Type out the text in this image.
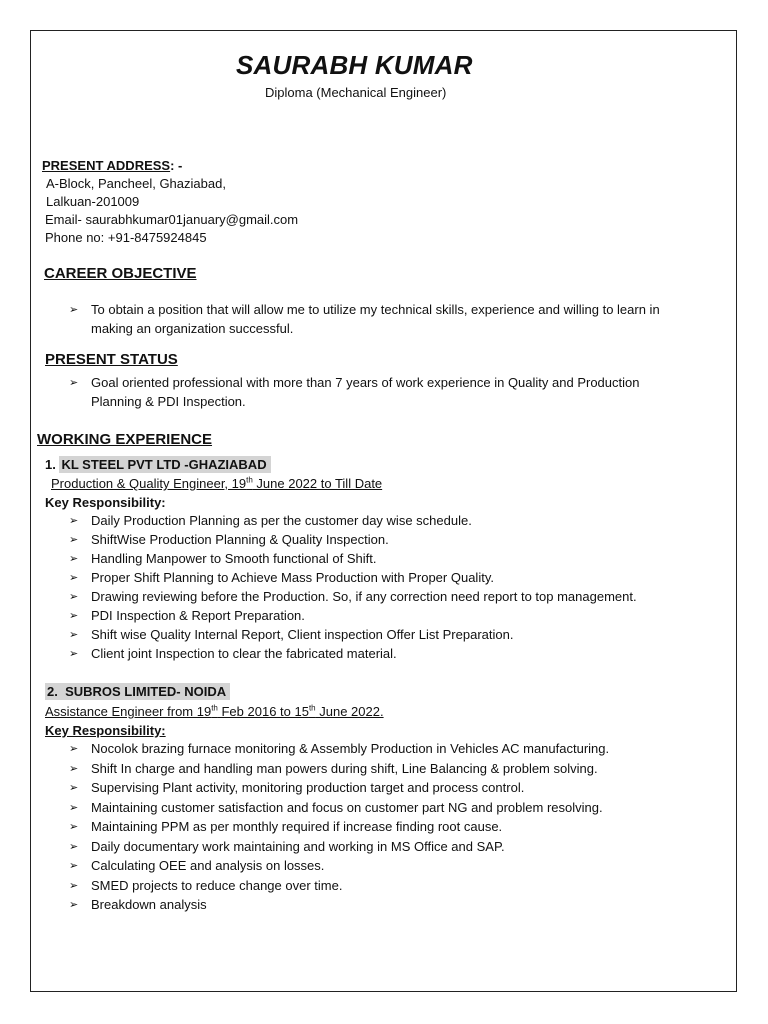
SAURABH KUMAR
Diploma (Mechanical Engineer)
PRESENT ADDRESS: -
A-Block, Pancheel, Ghaziabad,
Lalkuan-201009
Email- saurabhkumar01january@gmail.com
Phone no: +91-8475924845
CAREER OBJECTIVE
➢ To obtain a position that will allow me to utilize my technical skills, experience and willing to learn in
making an organization successful.
PRESENT STATUS
➢ Goal oriented professional with more than 7 years of work experience in Quality and Production
Planning & PDI Inspection.
WORKING EXPERIENCE
1. KL STEEL PVT LTD -GHAZIABAD
Production & Quality Engineer, 19th June 2022 to Till Date
Key Responsibility:
➢ Daily Production Planning as per the customer day wise schedule.
➢ ShiftWise Production Planning & Quality Inspection.
➢ Handling Manpower to Smooth functional of Shift.
➢ Proper Shift Planning to Achieve Mass Production with Proper Quality.
➢ Drawing reviewing before the Production. So, if any correction need report to top management.
➢ PDI Inspection & Report Preparation.
➢ Shift wise Quality Internal Report, Client inspection Offer List Preparation.
➢ Client joint Inspection to clear the fabricated material.
2. SUBROS LIMITED- NOIDA
Assistance Engineer from 19th Feb 2016 to 15th June 2022.
Key Responsibility:
➢ Nocolok brazing furnace monitoring & Assembly Production in Vehicles AC manufacturing.
➢ Shift In charge and handling man powers during shift, Line Balancing & problem solving.
➢ Supervising Plant activity, monitoring production target and process control.
➢ Maintaining customer satisfaction and focus on customer part NG and problem resolving.
➢ Maintaining PPM as per monthly required if increase finding root cause.
➢ Daily documentary work maintaining and working in MS Office and SAP.
➢ Calculating OEE and analysis on losses.
➢ SMED projects to reduce change over time.
➢ Breakdown analysis
